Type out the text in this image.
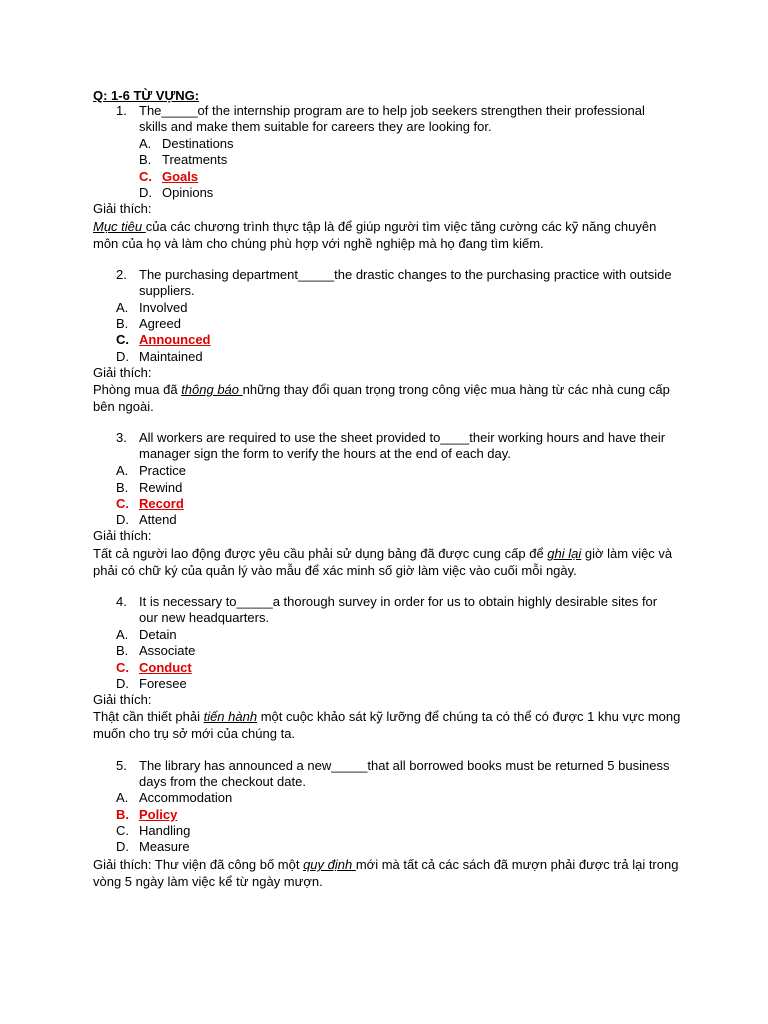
Q: 1-6 TỪ VỰNG:
1. The_____of the internship program are to help job seekers strengthen their professional skills and make them suitable for careers they are looking for.
A. Destinations
B. Treatments
C. Goals
D. Opinions
Giải thích:
Mục tiêu của các chương trình thực tập là để giúp người tìm việc tăng cường các kỹ năng chuyên môn của họ và làm cho chúng phù hợp với nghề nghiệp mà họ đang tìm kiếm.
2. The purchasing department_____the drastic changes to the purchasing practice with outside suppliers.
A. Involved
B. Agreed
C. Announced
D. Maintained
Giải thích:
Phòng mua đã thông báo những thay đổi quan trọng trong công việc mua hàng từ các nhà cung cấp bên ngoài.
3. All workers are required to use the sheet provided to____their working hours and have their manager sign the form to verify the hours at the end of each day.
A. Practice
B. Rewind
C. Record
D. Attend
Giải thích:
Tất cả người lao động được yêu cầu phải sử dụng bảng đã được cung cấp để ghi lại giờ làm việc và phải có chữ ký của quản lý vào mẫu để xác minh số giờ làm việc vào cuối mỗi ngày.
4. It is necessary to_____a thorough survey in order for us to obtain highly desirable sites for our new headquarters.
A. Detain
B. Associate
C. Conduct
D. Foresee
Giải thích:
Thật cần thiết phải tiến hành một cuộc khảo sát kỹ lưỡng để chúng ta có thể có được 1 khu vực mong muốn cho trụ sở mới của chúng ta.
5. The library has announced a new_____that all borrowed books must be returned 5 business days from the checkout date.
A. Accommodation
B. Policy
C. Handling
D. Measure
Giải thích: Thư viện đã công bố một quy định mới mà tất cả các sách đã mượn phải được trả lại trong vòng 5 ngày làm việc kể từ ngày mượn.
